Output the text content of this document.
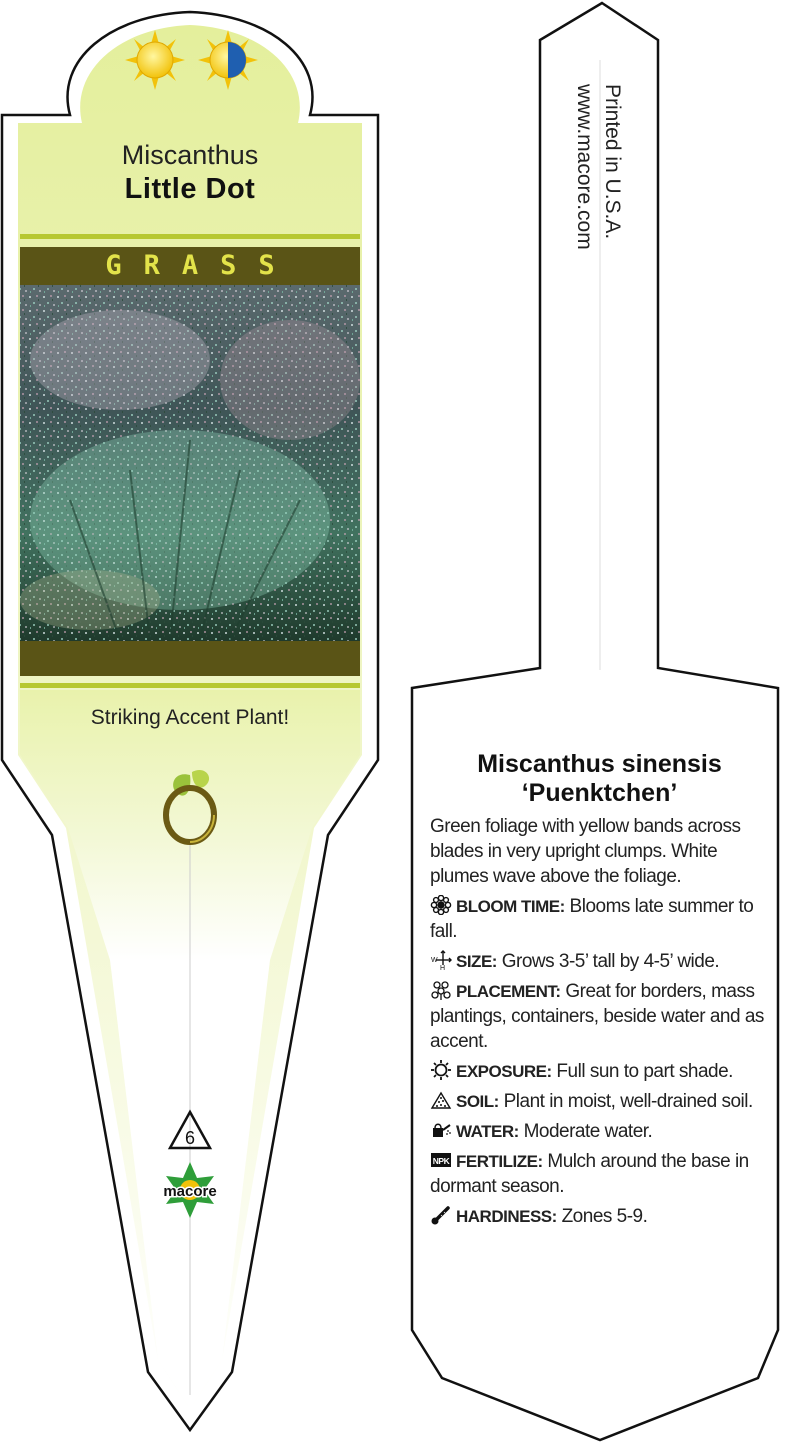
6
macore
Miscanthus
Little Dot
GRASS
Striking Accent Plant!
Printed in U.S.A.
www.macore.com
Miscanthus sinensis
‘Puenktchen’
Green foliage with yellow bands across blades in very upright clumps. White plumes wave above the foliage.
BLOOM TIME: Blooms late summer to fall.
W
H SIZE: Grows 3-5’ tall by 4-5’ wide.
PLACEMENT: Great for borders, mass plantings, containers, beside water and as accent.
EXPOSURE: Full sun to part shade.
SOIL: Plant in moist, well-drained soil.
WATER: Moderate water.
NPK FERTILIZE: Mulch around the base in dormant season.
HARDINESS: Zones 5-9.
